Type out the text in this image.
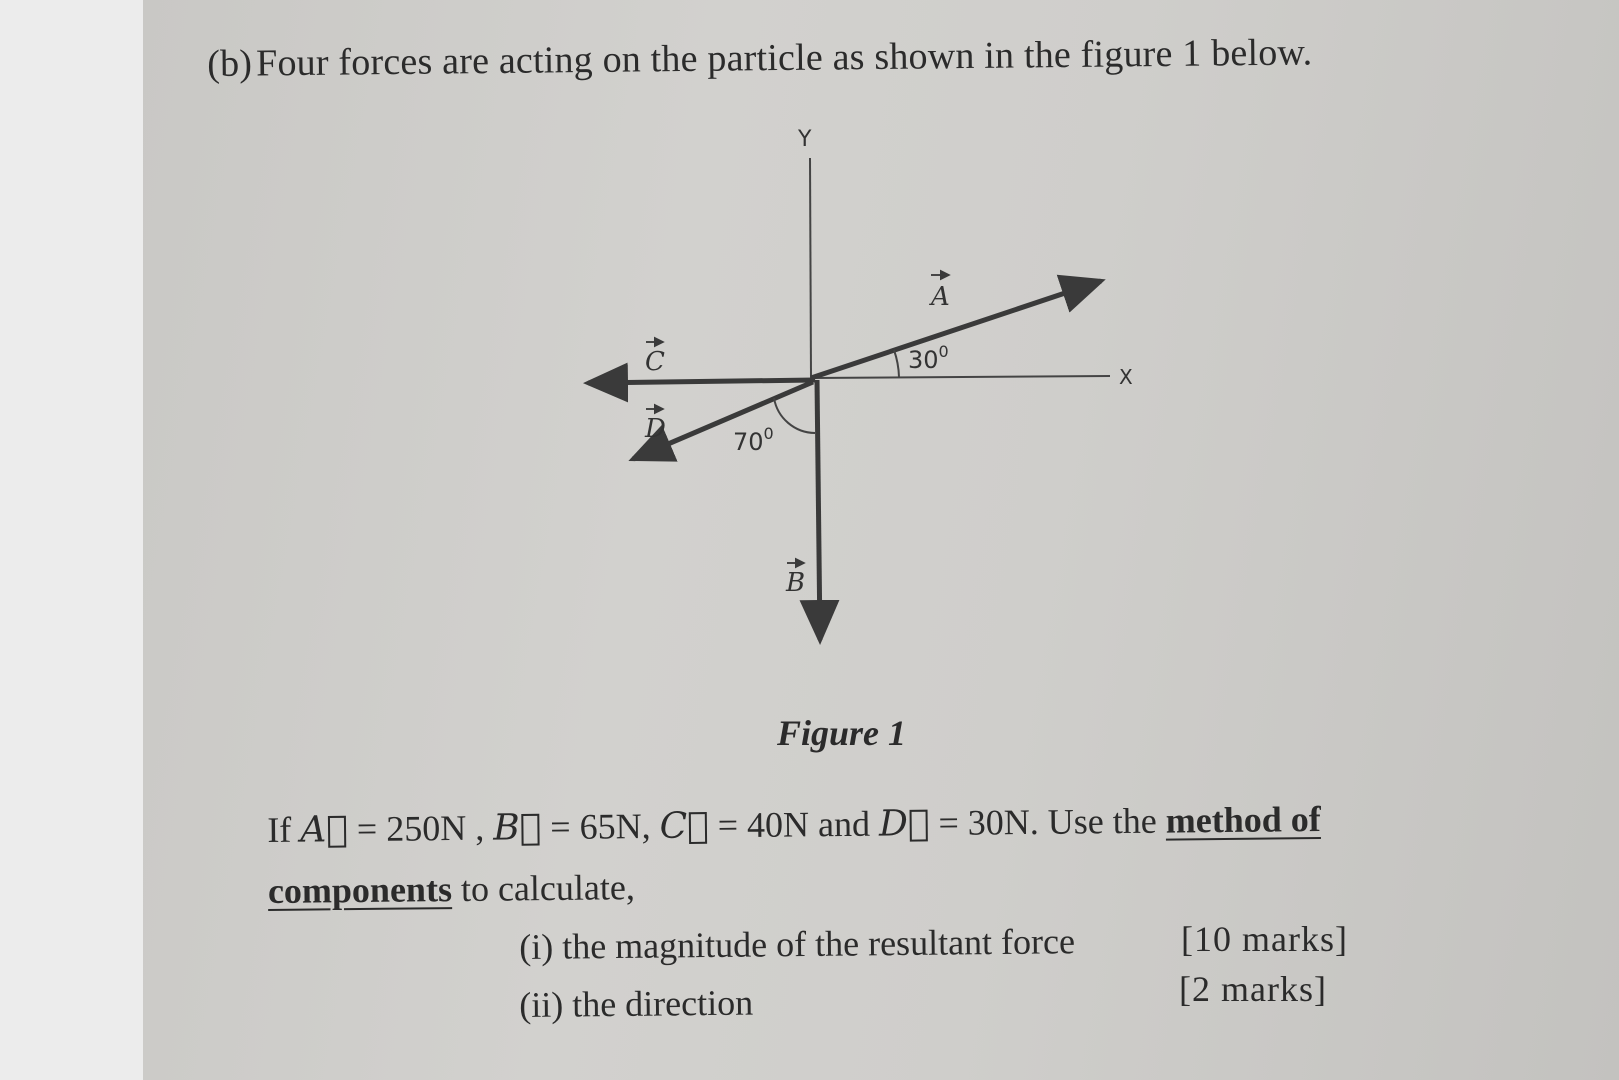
(b)Four forces are acting on the particle as shown in the figure 1 below.
Y
X
A
C
D
B
$30^0$
$70^0$
Figure 1
If A⃗ = 250N , B⃗ = 65N, C⃗ = 40N and D⃗ = 30N. Use the method of components to calculate,
(i) the magnitude of the resultant force	[10 marks]
(ii) the direction	[2 marks]
